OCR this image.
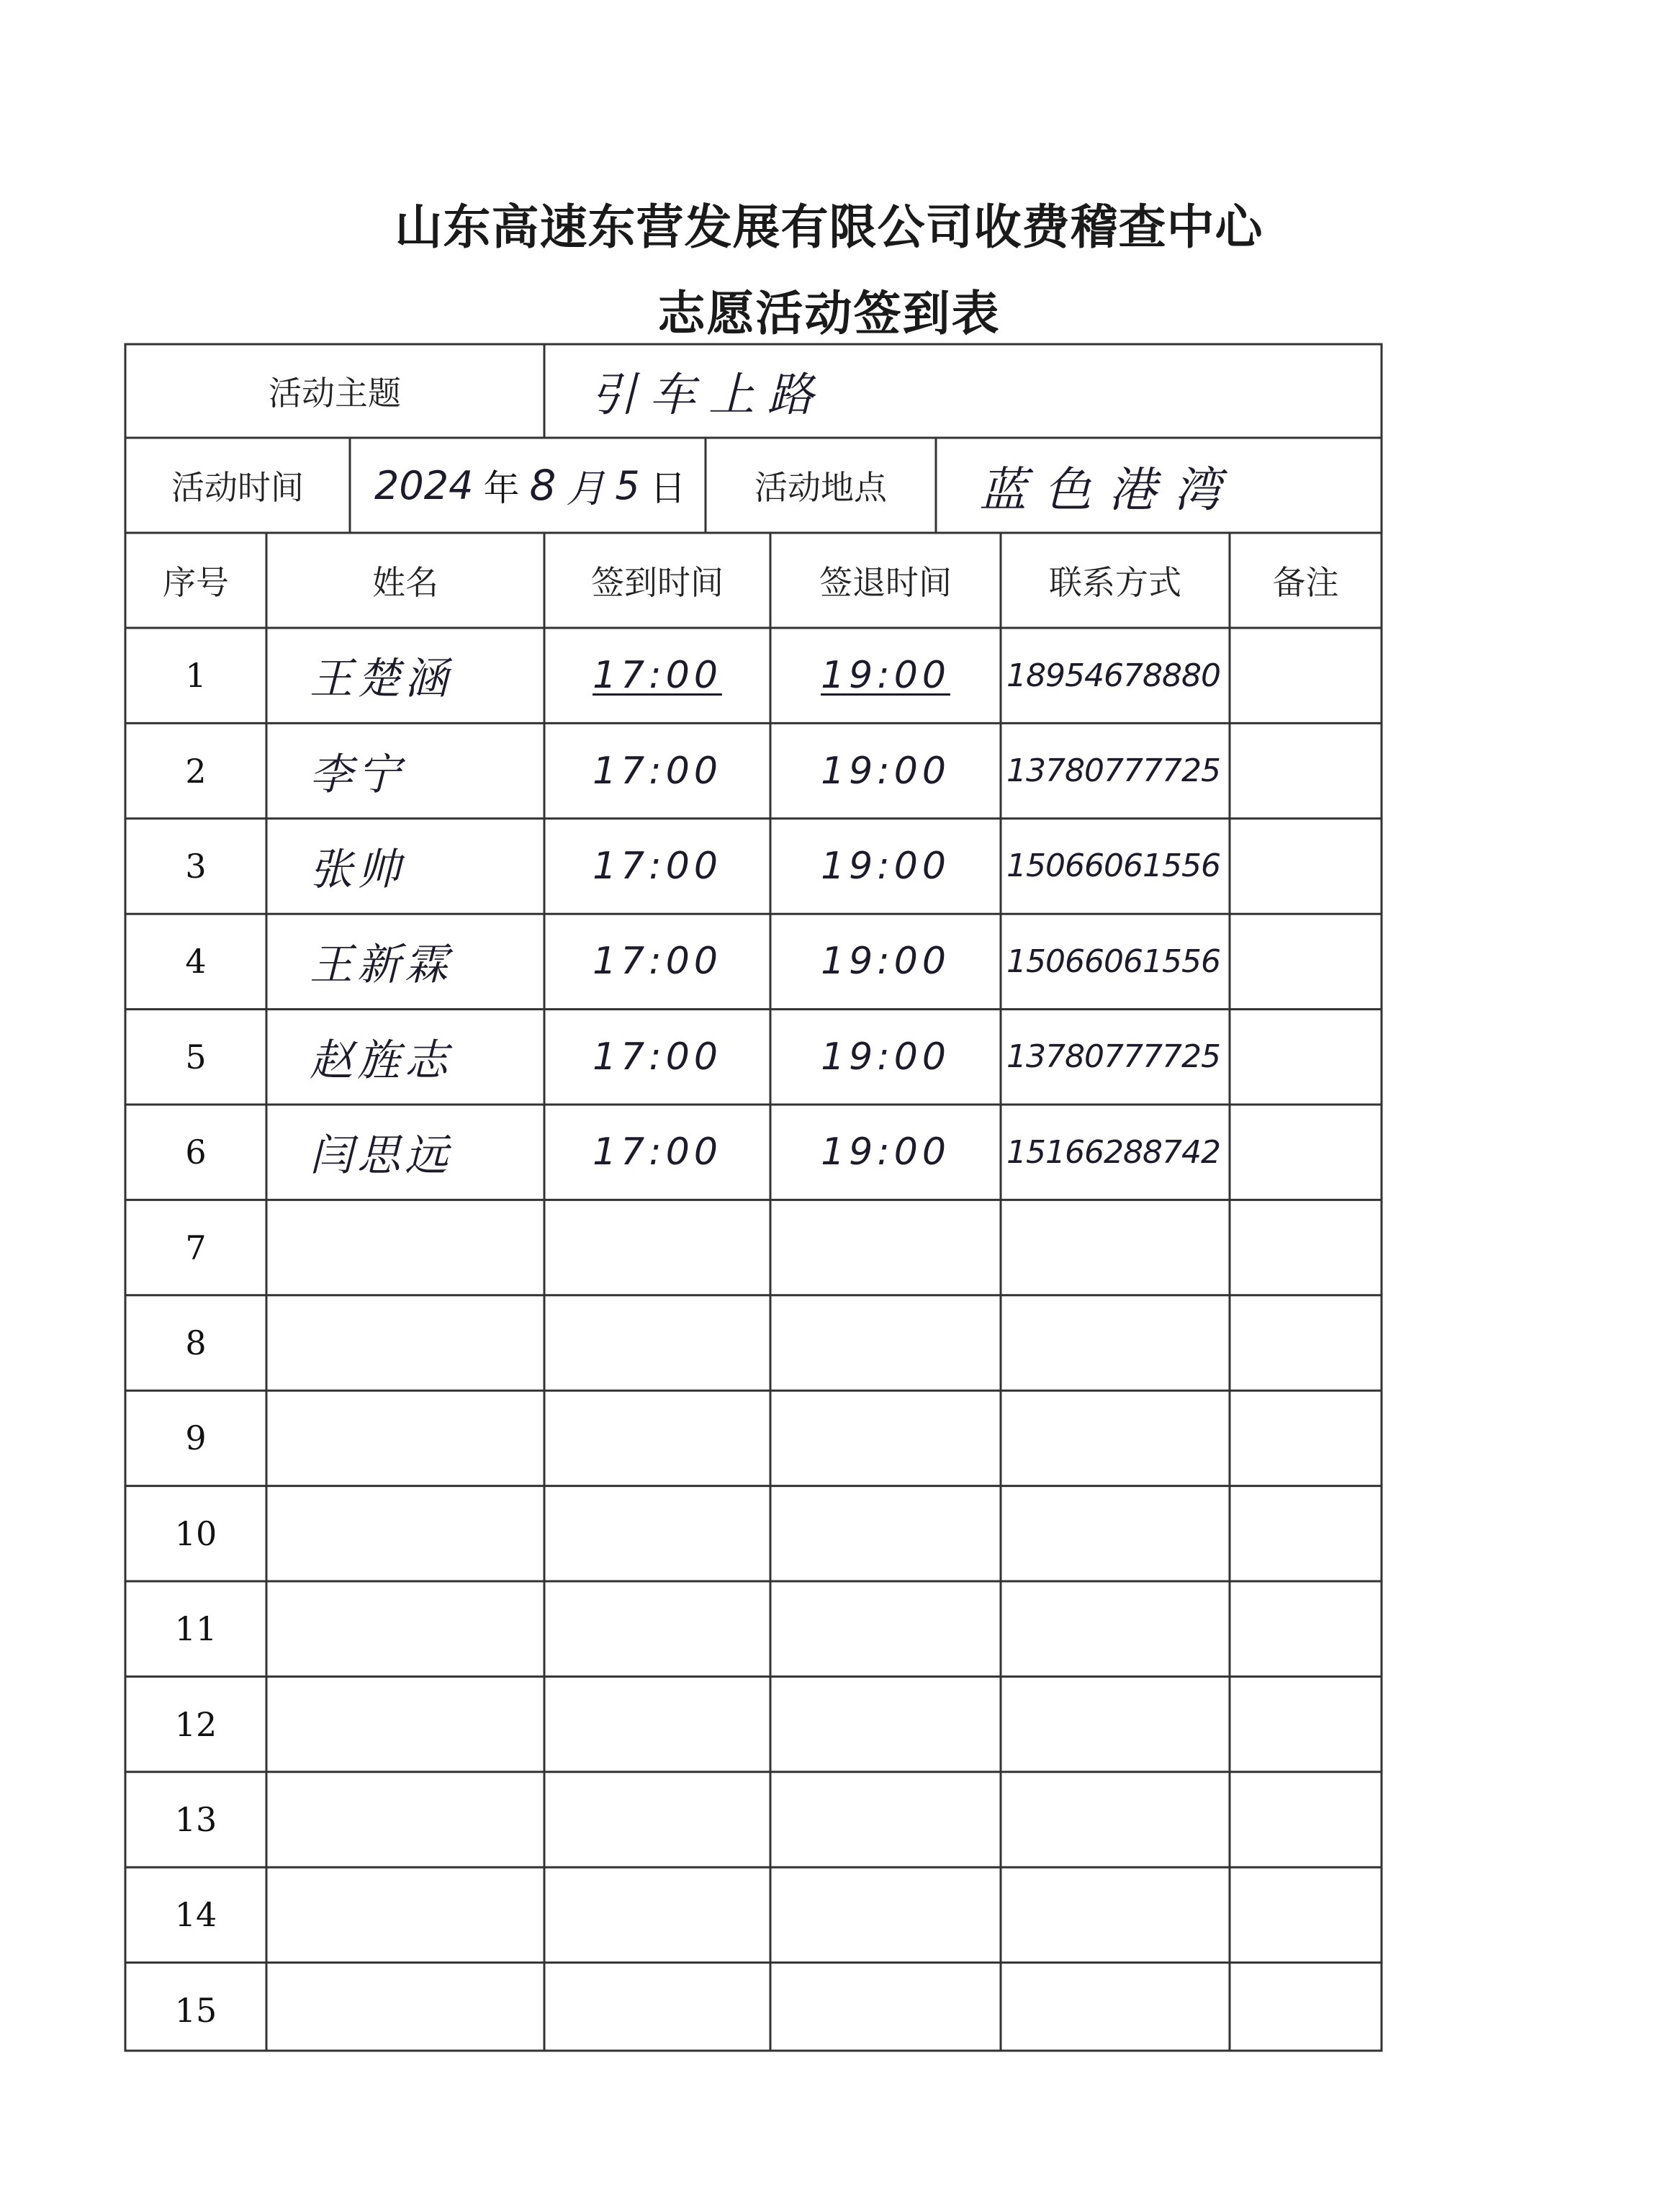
山东高速东营发展有限公司收费稽查中心
志愿活动签到表
活动主题	引车上路
活动时间	2024 年 8 月 5 日	活动地点	蓝色港湾
序号	姓名	签到时间	签退时间	联系方式	备注
1	王楚涵	17:00	19:00	18954678880
2	李宁	17:00	19:00	13780777725
3	张帅	17:00	19:00	15066061556
4	王新霖	17:00	19:00	15066061556
5	赵旌志	17:00	19:00	13780777725
6	闫思远	17:00	19:00	15166288742
7
8
9
10
11
12
13
14
15
